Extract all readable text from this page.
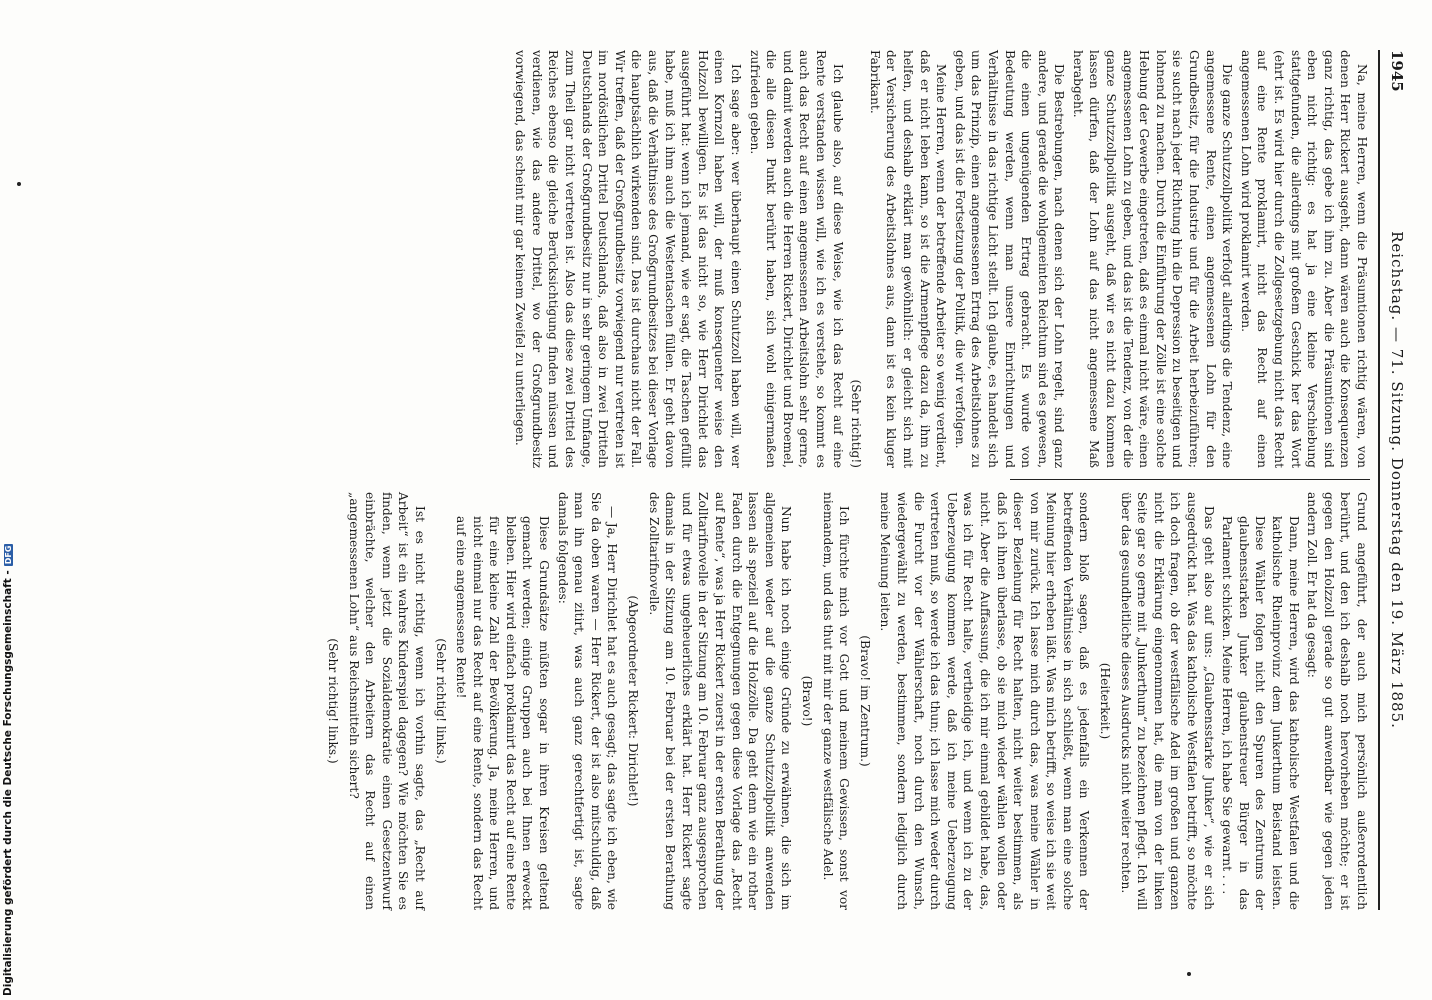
1945
Reichstag. — 71. Sitzung. Donnerstag den 19. März 1885.

Na, meine Herren, wenn die Präsumtionen richtig wären, von denen Herr Rickert ausgeht, dann wären auch die Konsequenzen ganz richtig, das gebe ich ihm zu. Aber die Präsumtionen sind eben nicht richtig: es hat ja eine kleine Verschiebung stattgefunden, die allerdings mit großem Geschick her das Wort (ehrt ist. Es wird hier durch die Zollgesetzgebung nicht das Recht auf eine Rente proklamirt, nicht das Recht auf einen angemessenen Lohn wird proklamirt werden.

Die ganze Schutzzollpolitik verfolgt allerdings die Tendenz, eine angemessene Rente, einen angemessenen Lohn für den Grundbesitz, für die Industrie und für die Arbeit herbeizuführen; sie sucht nach jeder Richtung hin die Depression zu beseitigen und lohnend zu machen. Durch die Einführung der Zölle ist eine solche Hebung der Gewerbe eingetreten, daß es einmal nicht wäre, einen angemessenen Lohn zu geben, und das ist die Tendenz, von der die ganze Schutzzollpolitik ausgeht, daß wir es nicht dazu kommen lassen dürfen, daß der Lohn auf das nicht angemessene Maß herabgeht.

Die Bestrebungen, nach denen sich der Lohn regelt, sind ganz andere, und gerade die wohlgemeinten Reichtum sind es gewesen, die einen ungenügenden Ertrag gebracht. Es wurde von Bedeutung werden, wenn man unsere Einrichtungen und Verhältnisse in das richtige Licht stellt. Ich glaube, es handelt sich um das Prinzip, einen angemessenen Ertrag des Arbeitslohnes zu geben, und das ist die Fortsetzung der Politik, die wir verfolgen.

Meine Herren, wenn der betreffende Arbeiter so wenig verdient, daß er nicht leben kann, so ist die Armenpflege dazu da, ihm zu helfen, und deshalb erklärt man gewöhnlich: er gleicht sich mit der Versicherung des Arbeitslohnes aus, dann ist es kein kluger Fabrikant.

(Sehr richtig!)

Ich glaube also, auf diese Weise, wie ich das Recht auf eine Rente verstanden wissen will, wie ich es verstehe, so kommt es auch das Recht auf einen angemessenen Arbeitslohn sehr gerne, und damit werden auch die Herren Rickert, Dirichlet und Broemel, die alle diesen Punkt berührt haben, sich wohl einigermaßen zufrieden geben.

Ich sage aber: wer überhaupt einen Schutzzoll haben will, wer einen Kornzoll haben will, der muß konsequenter weise den Holzzoll bewilligen. Es ist das nicht so, wie Herr Dirichlet das ausgeführt hat: wenn ich jemand, wie er sagt, die Taschen gefüllt habe, muß ich ihm auch die Westentaschen füllen. Er geht davon aus, daß die Verhältnisse des Großgrundbesitzes bei dieser Vorlage die hauptsächlich wirkenden sind. Das ist durchaus nicht der Fall. Wir treffen, daß der Großgrundbesitz vorwiegend nur vertreten ist im nordöstlichen Drittel Deutschlands, daß also in zwei Dritteln Deutschlands der Großgrundbesitz nur in sehr geringem Umfange, zum Theil gar nicht vertreten ist. Also das diese zwei Drittel des Reiches ebenso die gleiche Berücksichtigung finden müssen und verdienen, wie das andere Drittel, wo der Großgrundbesitz vorwiegend, das scheint mir gar keinem Zweifel zu unterliegen.

Grund angeführt, der auch mich persönlich außerordentlich berührt, und den ich deshalb noch hervorheben möchte; er ist gegen den Holzzoll gerade so gut anwendbar wie gegen jeden andern Zoll. Er hat da gesagt:

Dann, meine Herren, wird das katholische Westfalen und die katholische Rheinprovinz dem Junkerthum Beistand leisten. Diese Wähler folgen nicht den Spuren des Zentrums der glaubensstarken Junker glaubenstreuer Bürger in das Parlament schicken. Meine Herren, ich habe Sie gewarnt . . .

Das geht also auf uns: „Glaubensstarke Junker“, wie er sich ausgedrückt hat. Was das katholische Westfalen betrifft, so möchte ich doch fragen, ob der westfälische Adel im großen und ganzen nicht die Erklärung eingenommen hat, die man von der linken Seite gar so gerne mit „Junkerthum“ zu bezeichnen pflegt. Ich will über das gesundheitliche dieses Ausdrucks nicht weiter rechten.

(Heiterkeit.)

sondern bloß sagen, daß es jedenfalls ein Verkennen der betreffenden Verhältnisse in sich schließt, wenn man eine solche Meinung hier erheben läßt. Was mich betrifft, so weise ich sie weit von mir zurück. Ich lasse mich durch das, was meine Wähler in dieser Beziehung für Recht halten, nicht weiter bestimmen, als daß ich ihnen überlasse, ob sie mich wieder wählen wollen oder nicht. Aber die Auffassung, die ich mir einmal gebildet habe, das, was ich für Recht halte, vertheidige ich, und wenn ich zu der Ueberzeugung kommen werde, daß ich meine Ueberzeugung vertreten muß, so werde ich das thun; ich lasse mich weder durch die Furcht vor der Wählerschaft, noch durch den Wunsch, wiedergewählt zu werden, bestimmen, sondern lediglich durch meine Meinung leiten.

(Bravo! im Zentrum.)

Ich fürchte mich vor Gott und meinem Gewissen, sonst vor niemandem, und das thut mit mir der ganze westfälische Adel.

(Bravo!)

Nun habe ich noch einige Gründe zu erwähnen, die sich im allgemeinen weder auf die ganze Schutzzollpolitik anwenden lassen als speziell auf die Holzzölle. Da geht denn wie ein rother Faden durch die Entgegnungen gegen diese Vorlage das „Recht auf Rente“, was ja Herr Rickert zuerst in der ersten Berathung der Zolltarifnovelle in der Sitzung am 10. Februar ganz ausgesprochen und für etwas ungeheuerliches erklärt hat. Herr Rickert sagte damals in der Sitzung am 10. Februar bei der ersten Berathung des Zolltarifnovelle.

(Abgeordneter Rickert: Dirichlet!)

— Ja, Herr Dirichlet hat es auch gesagt; das sagte ich eben, wie Sie da oben waren — Herr Rickert, der ist also mitschuldig, daß man ihn genau zitirt, was auch ganz gerechtfertigt ist, sagte damals folgendes:

Diese Grundsätze müßten sogar in ihren Kreisen geltend gemacht werden; einige Gruppen auch bei Ihnen erweckt bleiben. Hier wird einfach proklamirt das Recht auf eine Rente für eine kleine Zahl der Bevölkerung. Ja, meine Herren, und nicht einmal nur das Recht auf eine Rente, sondern das Recht auf eine angemessene Rente!
(Sehr richtig! links.)

Ist es nicht richtig, wenn ich vorhin sagte, das „Recht auf Arbeit“ ist ein wahres Kinderspiel dagegen? Wie möchten Sie es finden, wenn jetzt die Sozialdemokratie einen Gesetzentwurf einbrächte, welcher den Arbeitern das Recht auf einen „angemessenen Lohn“ aus Reichsmitteln sichert?

(Sehr richtig! links.)
Digitalisierung gefördert durch die Deutsche Forschungsgemeinschaft -DFG
